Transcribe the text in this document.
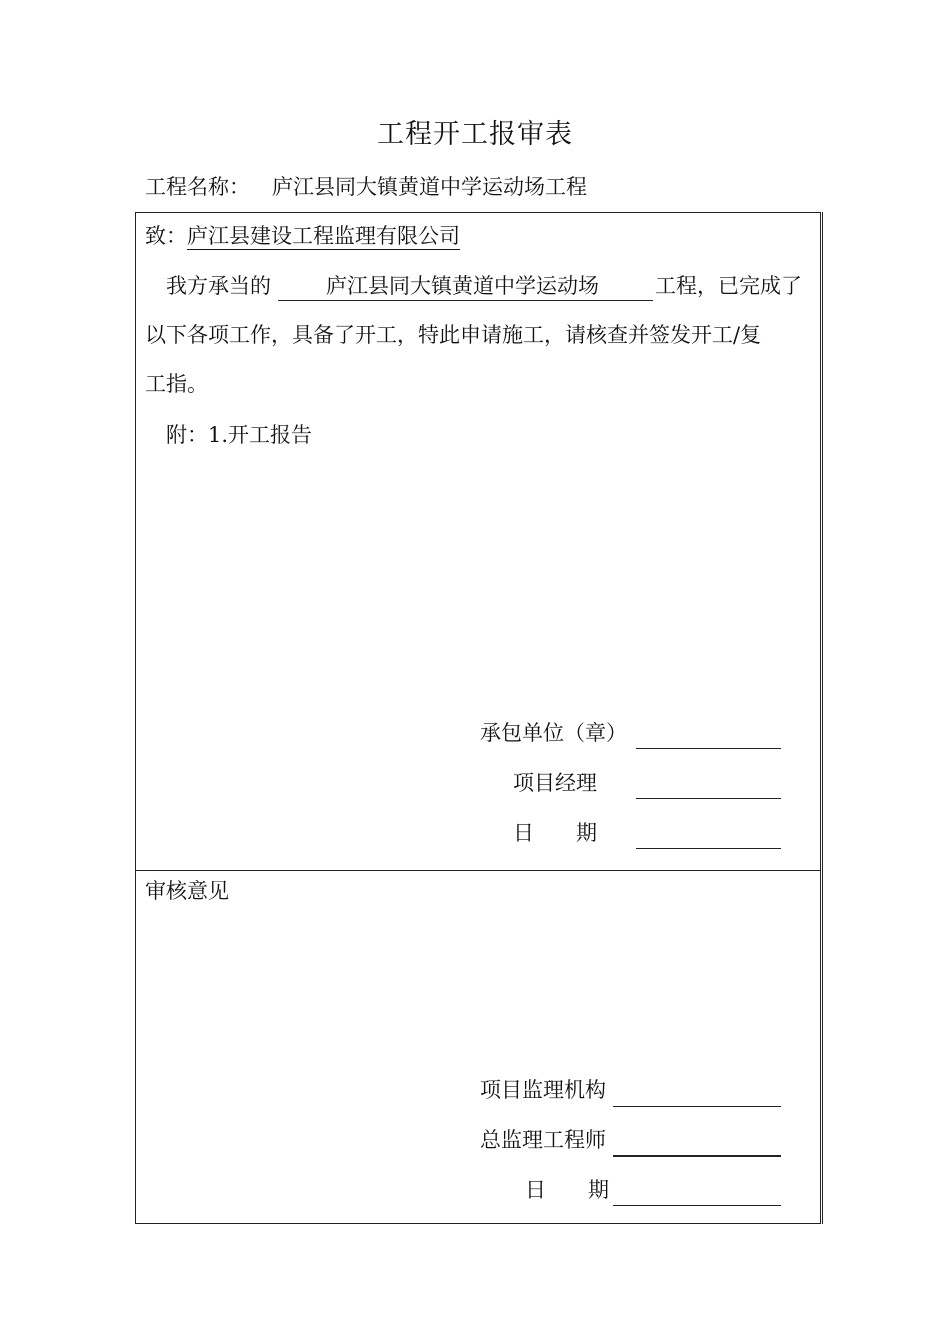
工程开工报审表
工程名称： 庐江县同大镇黄道中学运动场工程
致：庐江县建设工程监理有限公司
我方承当的	庐江县同大镇黄道中学运动场	工程，已完成了
以下各项工作，具备了开工，特此申请施工，请核查并签发开工/复
工指。
附：1.开工报告
承包单位（章）
项目经理
日　　期
审核意见
项目监理机构
总监理工程师
日　　期
